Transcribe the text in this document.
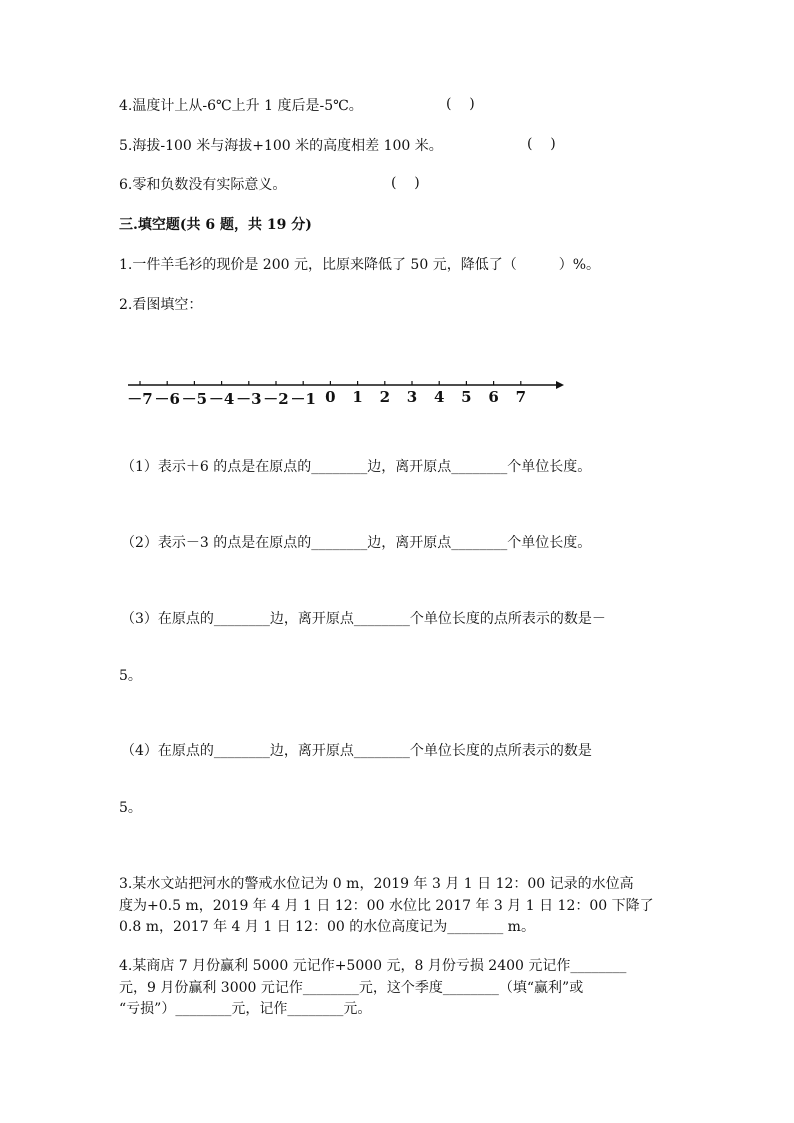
4.温度计上从-6℃上升 1 度后是-5℃。	(    )
5.海拔-100 米与海拔+100 米的高度相差 100 米。	(    )
6.零和负数没有实际意义。	(    )
三.填空题(共 6 题，共 19 分)
1.一件羊毛衫的现价是 200 元，比原来降低了 50 元，降低了（　　　）%。
2.看图填空：
－7 －6 －5 －4 －3 －2 －1 0 1 2 3 4 5 6 7
（1）表示＋6 的点是在原点的________边，离开原点________个单位长度。
（2）表示－3 的点是在原点的________边，离开原点________个单位长度。
（3）在原点的________边，离开原点________个单位长度的点所表示的数是－
5。
（4）在原点的________边，离开原点________个单位长度的点所表示的数是
5。
3.某水文站把河水的警戒水位记为 0 m，2019 年 3 月 1 日 12：00 记录的水位高
度为+0.5 m，2019 年 4 月 1 日 12：00 水位比 2017 年 3 月 1 日 12：00 下降了
0.8 m，2017 年 4 月 1 日 12：00 的水位高度记为________ m。
4.某商店 7 月份赢利 5000 元记作+5000 元，8 月份亏损 2400 元记作________
元，9 月份赢利 3000 元记作________元，这个季度________（填“赢利”或
“亏损”）________元，记作________元。
